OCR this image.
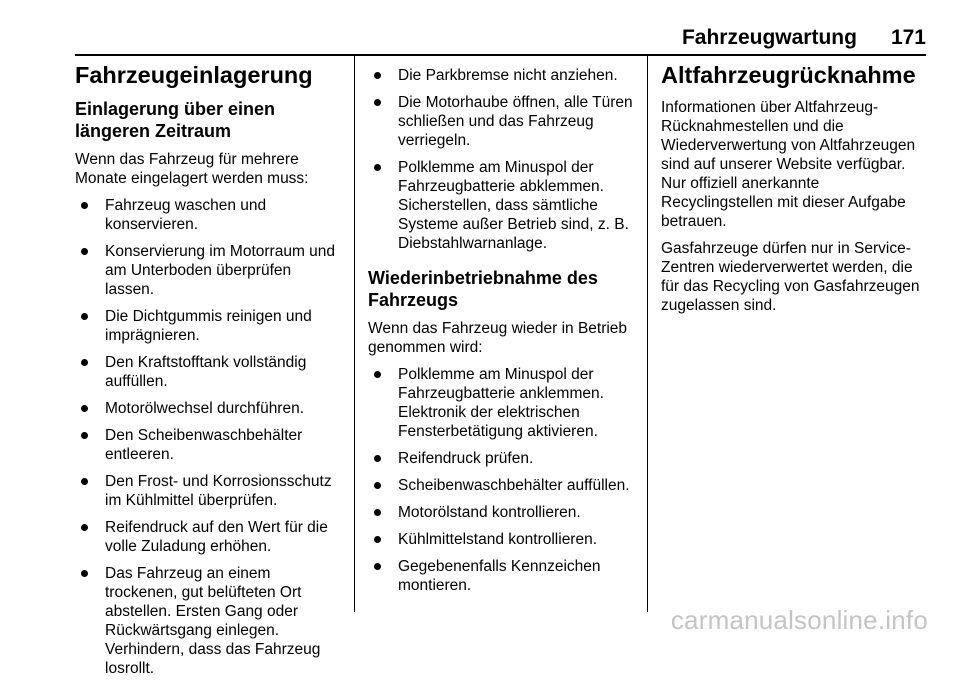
Fahrzeugwartung 171
Fahrzeugeinlagerung
Einlagerung über einen längeren Zeitraum

Wenn das Fahrzeug für mehrere Monate eingelagert werden muss:

Fahrzeug waschen und konservieren.
Konservierung im Motorraum und am Unterboden überprüfen lassen.
Die Dichtgummis reinigen und imprägnieren.
Den Kraftstofftank vollständig auffüllen.
Motorölwechsel durchführen.
Den Scheibenwaschbehälter entleeren.
Den Frost- und Korrosionsschutz im Kühlmittel überprüfen.
Reifendruck auf den Wert für die volle Zuladung erhöhen.
Das Fahrzeug an einem trockenen, gut belüfteten Ort abstellen. Ersten Gang oder Rückwärtsgang einlegen. Verhindern, dass das Fahrzeug losrollt.
Die Parkbremse nicht anziehen.
Die Motorhaube öffnen, alle Türen schließen und das Fahrzeug verriegeln.
Polklemme am Minuspol der Fahrzeugbatterie abklemmen. Sicherstellen, dass sämtliche Systeme außer Betrieb sind, z. B. Diebstahlwarnanlage.
Wiederinbetriebnahme des Fahrzeugs

Wenn das Fahrzeug wieder in Betrieb genommen wird:

Polklemme am Minuspol der Fahrzeugbatterie anklemmen. Elektronik der elektrischen Fensterbetätigung aktivieren.
Reifendruck prüfen.
Scheibenwaschbehälter auffüllen.
Motorölstand kontrollieren.
Kühlmittelstand kontrollieren.
Gegebenenfalls Kennzeichen montieren.
Altfahrzeugrücknahme

Informationen über Altfahrzeug-Rücknahmestellen und die Wiederverwertung von Altfahrzeugen sind auf unserer Website verfügbar. Nur offiziell anerkannte Recyclingstellen mit dieser Aufgabe betrauen.

Gasfahrzeuge dürfen nur in Service-Zentren wiederverwertet werden, die für das Recycling von Gasfahrzeugen zugelassen sind.

carmanualsonline.info
